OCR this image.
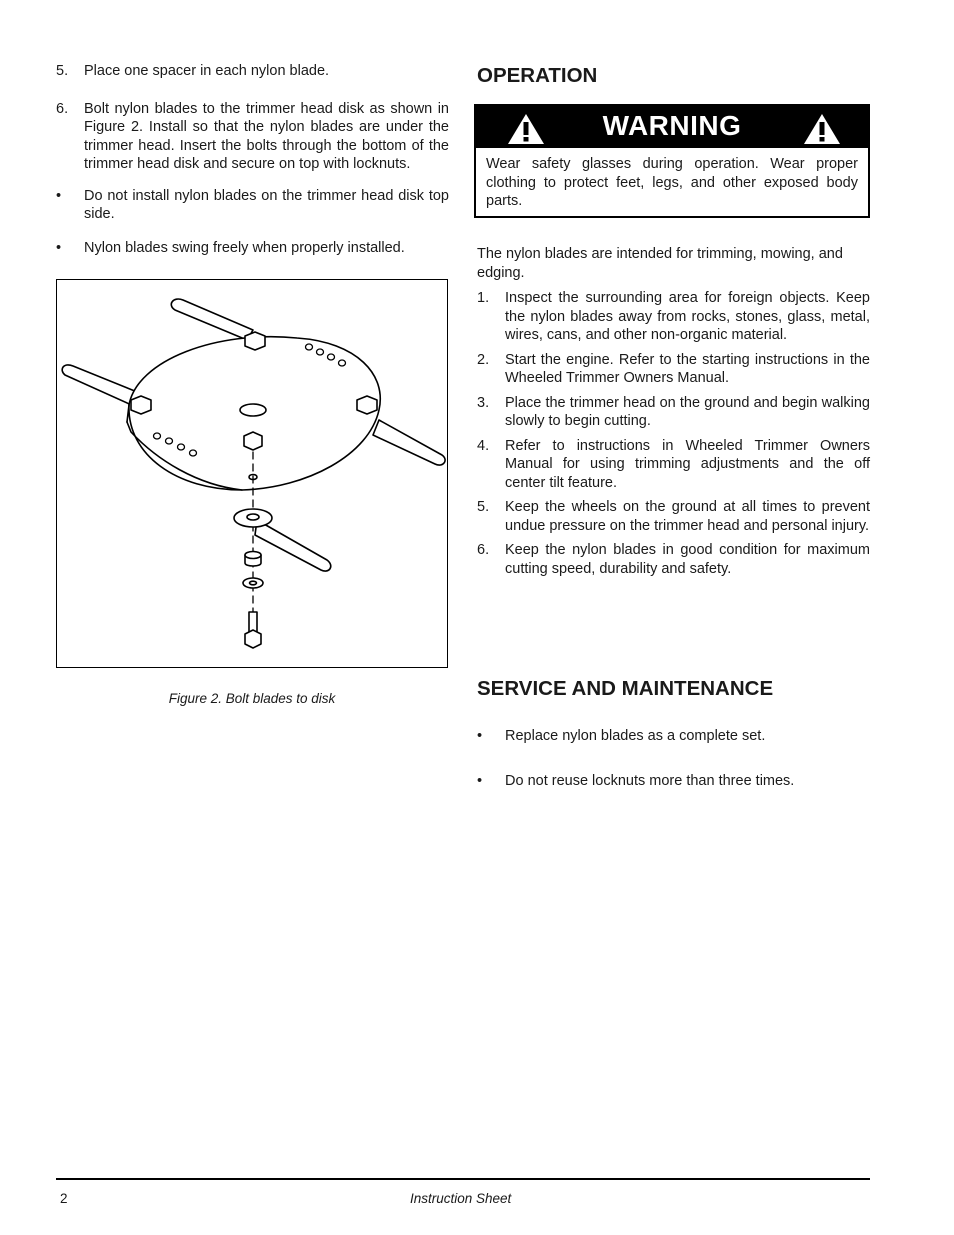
5. Place one spacer in each nylon blade.
6. Bolt nylon blades to the trimmer head disk as shown in Figure 2. Install so that the nylon blades are under the trimmer head. Insert the bolts through the bottom of the trimmer head disk and secure on top with locknuts.
• Do not install nylon blades on the trimmer head disk top side.
• Nylon blades swing freely when properly installed.
Figure 2. Bolt blades to disk
OPERATION
WARNING
Wear safety glasses during operation. Wear proper clothing to protect feet, legs, and other exposed body parts.
The nylon blades are intended for trimming, mowing, and edging.
1. Inspect the surrounding area for foreign objects. Keep the nylon blades away from rocks, stones, glass, metal, wires, cans, and other non-organic material.
2. Start the engine. Refer to the starting instructions in the Wheeled Trimmer Owners Manual.
3. Place the trimmer head on the ground and begin walking slowly to begin cutting.
4. Refer to instructions in Wheeled Trimmer Owners Manual for using trimming adjustments and the off center tilt feature.
5. Keep the wheels on the ground at all times to prevent undue pressure on the trimmer head and personal injury.
6. Keep the nylon blades in good condition for maximum cutting speed, durability and safety.
SERVICE AND MAINTENANCE
• Replace nylon blades as a complete set.
• Do not reuse locknuts more than three times.
2	Instruction Sheet
